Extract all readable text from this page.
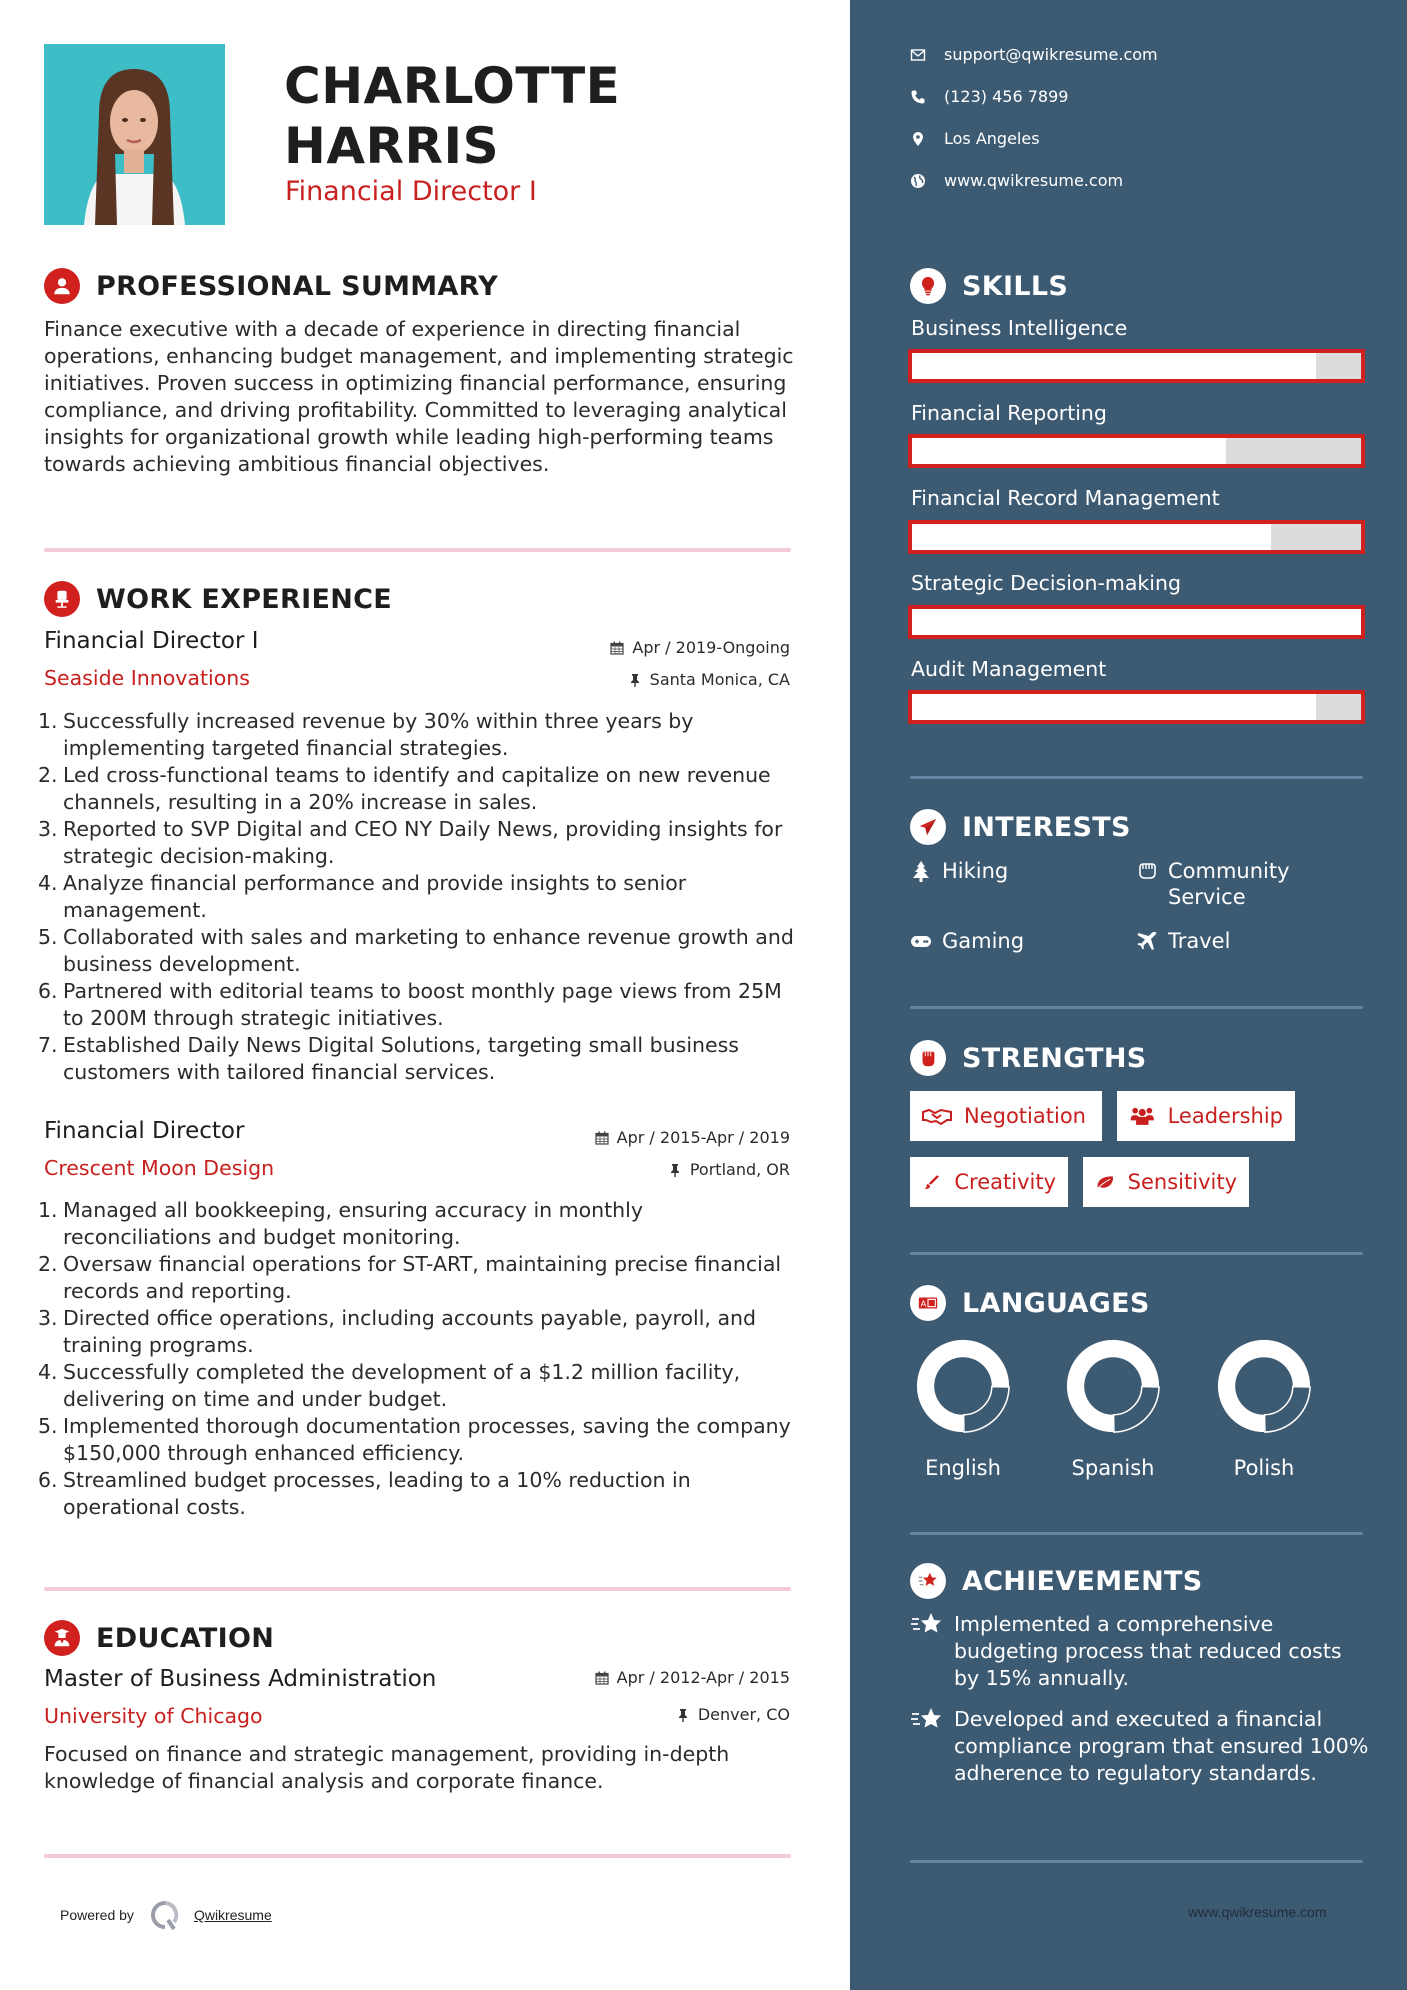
CHARLOTTE
HARRIS
Financial Director I
PROFESSIONAL SUMMARY

Finance executive with a decade of experience in directing financial operations, enhancing budget management, and implementing strategic initiatives. Proven success in optimizing financial performance, ensuring compliance, and driving profitability. Committed to leveraging analytical insights for organizational growth while leading high-performing teams towards achieving ambitious financial objectives.

WORK EXPERIENCE
Financial Director I	Apr / 2019-Ongoing
Seaside Innovations	Santa Monica, CA
Successfully increased revenue by 30% within three years by implementing targeted financial strategies.
Led cross-functional teams to identify and capitalize on new revenue channels, resulting in a 20% increase in sales.
Reported to SVP Digital and CEO NY Daily News, providing insights for strategic decision-making.
Analyze financial performance and provide insights to senior management.
Collaborated with sales and marketing to enhance revenue growth and business development.
Partnered with editorial teams to boost monthly page views from 25M to 200M through strategic initiatives.
Established Daily News Digital Solutions, targeting small business customers with tailored financial services.
Financial Director	Apr / 2015-Apr / 2019
Crescent Moon Design	Portland, OR
Managed all bookkeeping, ensuring accuracy in monthly reconciliations and budget monitoring.
Oversaw financial operations for ST-ART, maintaining precise financial records and reporting.
Directed office operations, including accounts payable, payroll, and training programs.
Successfully completed the development of a $1.2 million facility, delivering on time and under budget.
Implemented thorough documentation processes, saving the company $150,000 through enhanced efficiency.
Streamlined budget processes, leading to a 10% reduction in operational costs.
EDUCATION
Master of Business Administration	Apr / 2012-Apr / 2015
University of Chicago	Denver, CO

Focused on finance and strategic management, providing in-depth knowledge of financial analysis and corporate finance.

Powered by	Qwikresume
support@qwikresume.com
(123) 456 7899
Los Angeles
www.qwikresume.com
SKILLS
Business Intelligence
Financial Reporting
Financial Record Management
Strategic Decision-making
Audit Management
INTERESTS
Hiking	Community Service
Gaming	Travel
STRENGTHS
Negotiation	Leadership
Creativity	Sensitivity
A LANGUAGES
English	Spanish	Polish
ACHIEVEMENTS
Implemented a comprehensive budgeting process that reduced costs by 15% annually.
Developed and executed a financial compliance program that ensured 100% adherence to regulatory standards.
www.qwikresume.com
